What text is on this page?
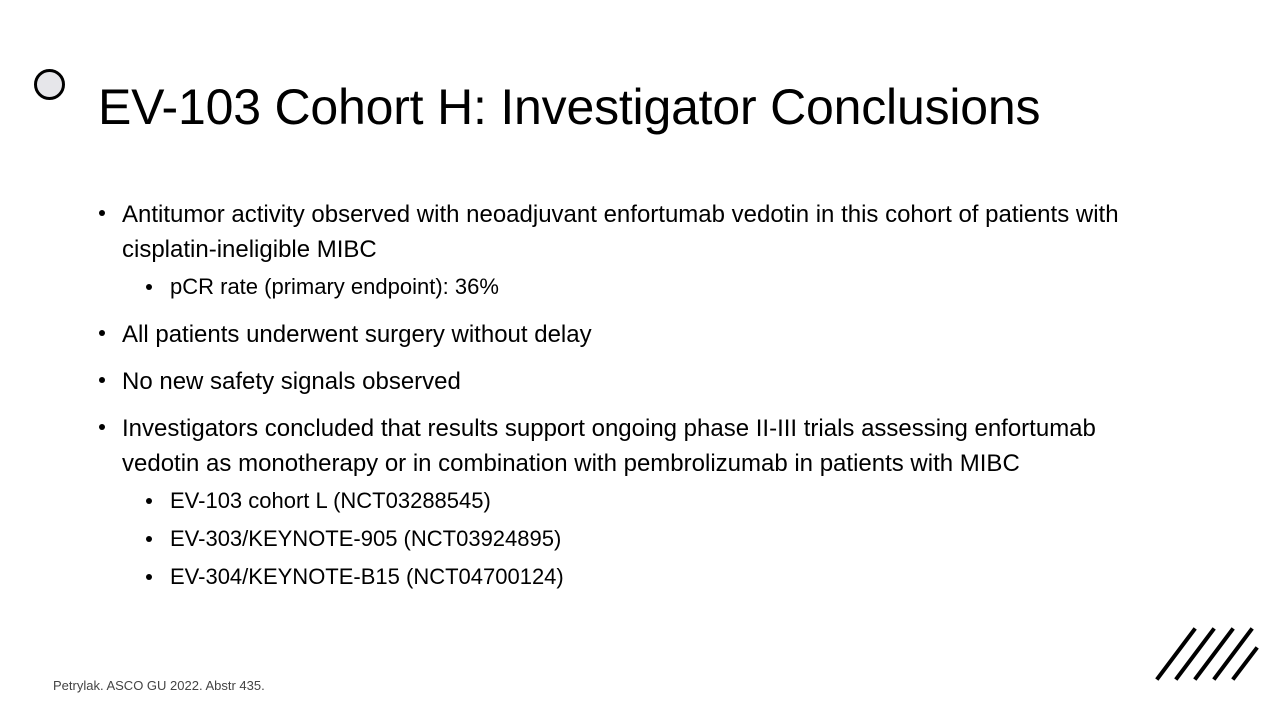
EV-103 Cohort H: Investigator Conclusions
Antitumor activity observed with neoadjuvant enfortumab vedotin in this cohort of patients with cisplatin-ineligible MIBC
pCR rate (primary endpoint): 36%
All patients underwent surgery without delay
No new safety signals observed
Investigators concluded that results support ongoing phase II-III trials assessing enfortumab vedotin as monotherapy or in combination with pembrolizumab in patients with MIBC
EV-103 cohort L (NCT03288545)
EV-303/KEYNOTE-905 (NCT03924895)
EV-304/KEYNOTE-B15 (NCT04700124)
Petrylak. ASCO GU 2022. Abstr 435.
